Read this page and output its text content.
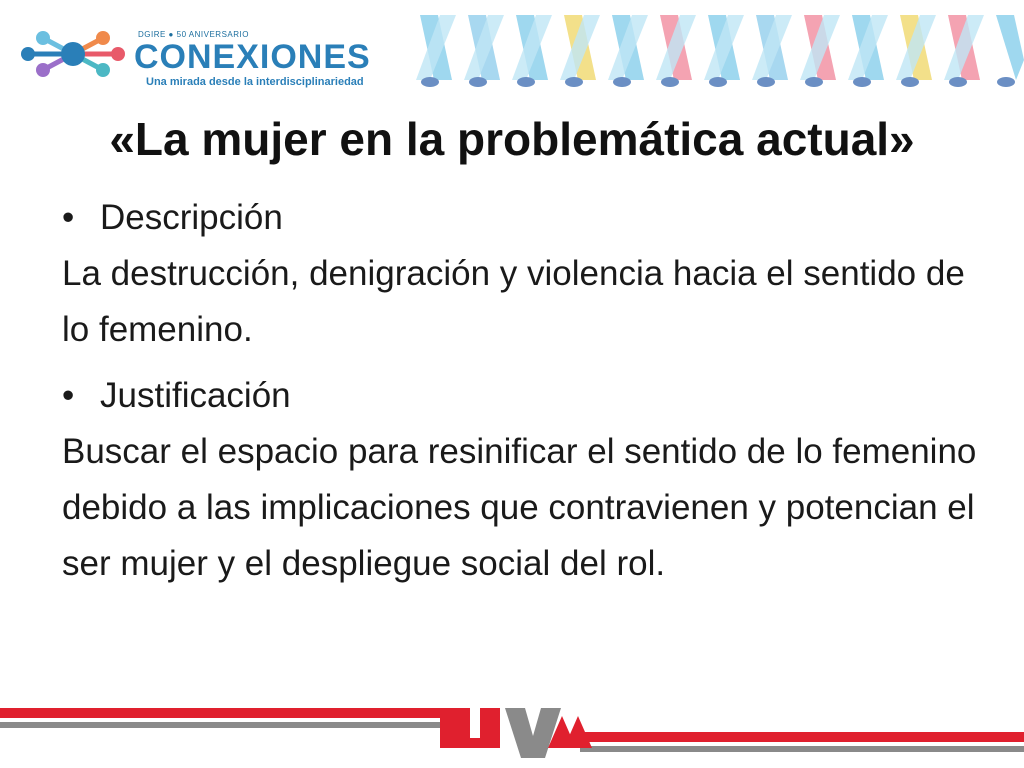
DGIRE ● 50 ANIVERSARIO
CONEXIONES
Una mirada desde la interdisciplinariedad
«La mujer en la problemática actual»
• Descripción

La destrucción, denigración y violencia hacia el sentido de lo femenino.

• Justificación

Buscar el espacio para resinificar el sentido de lo femenino debido a las implicaciones que contravienen y potencian el ser mujer y el despliegue social del rol.
